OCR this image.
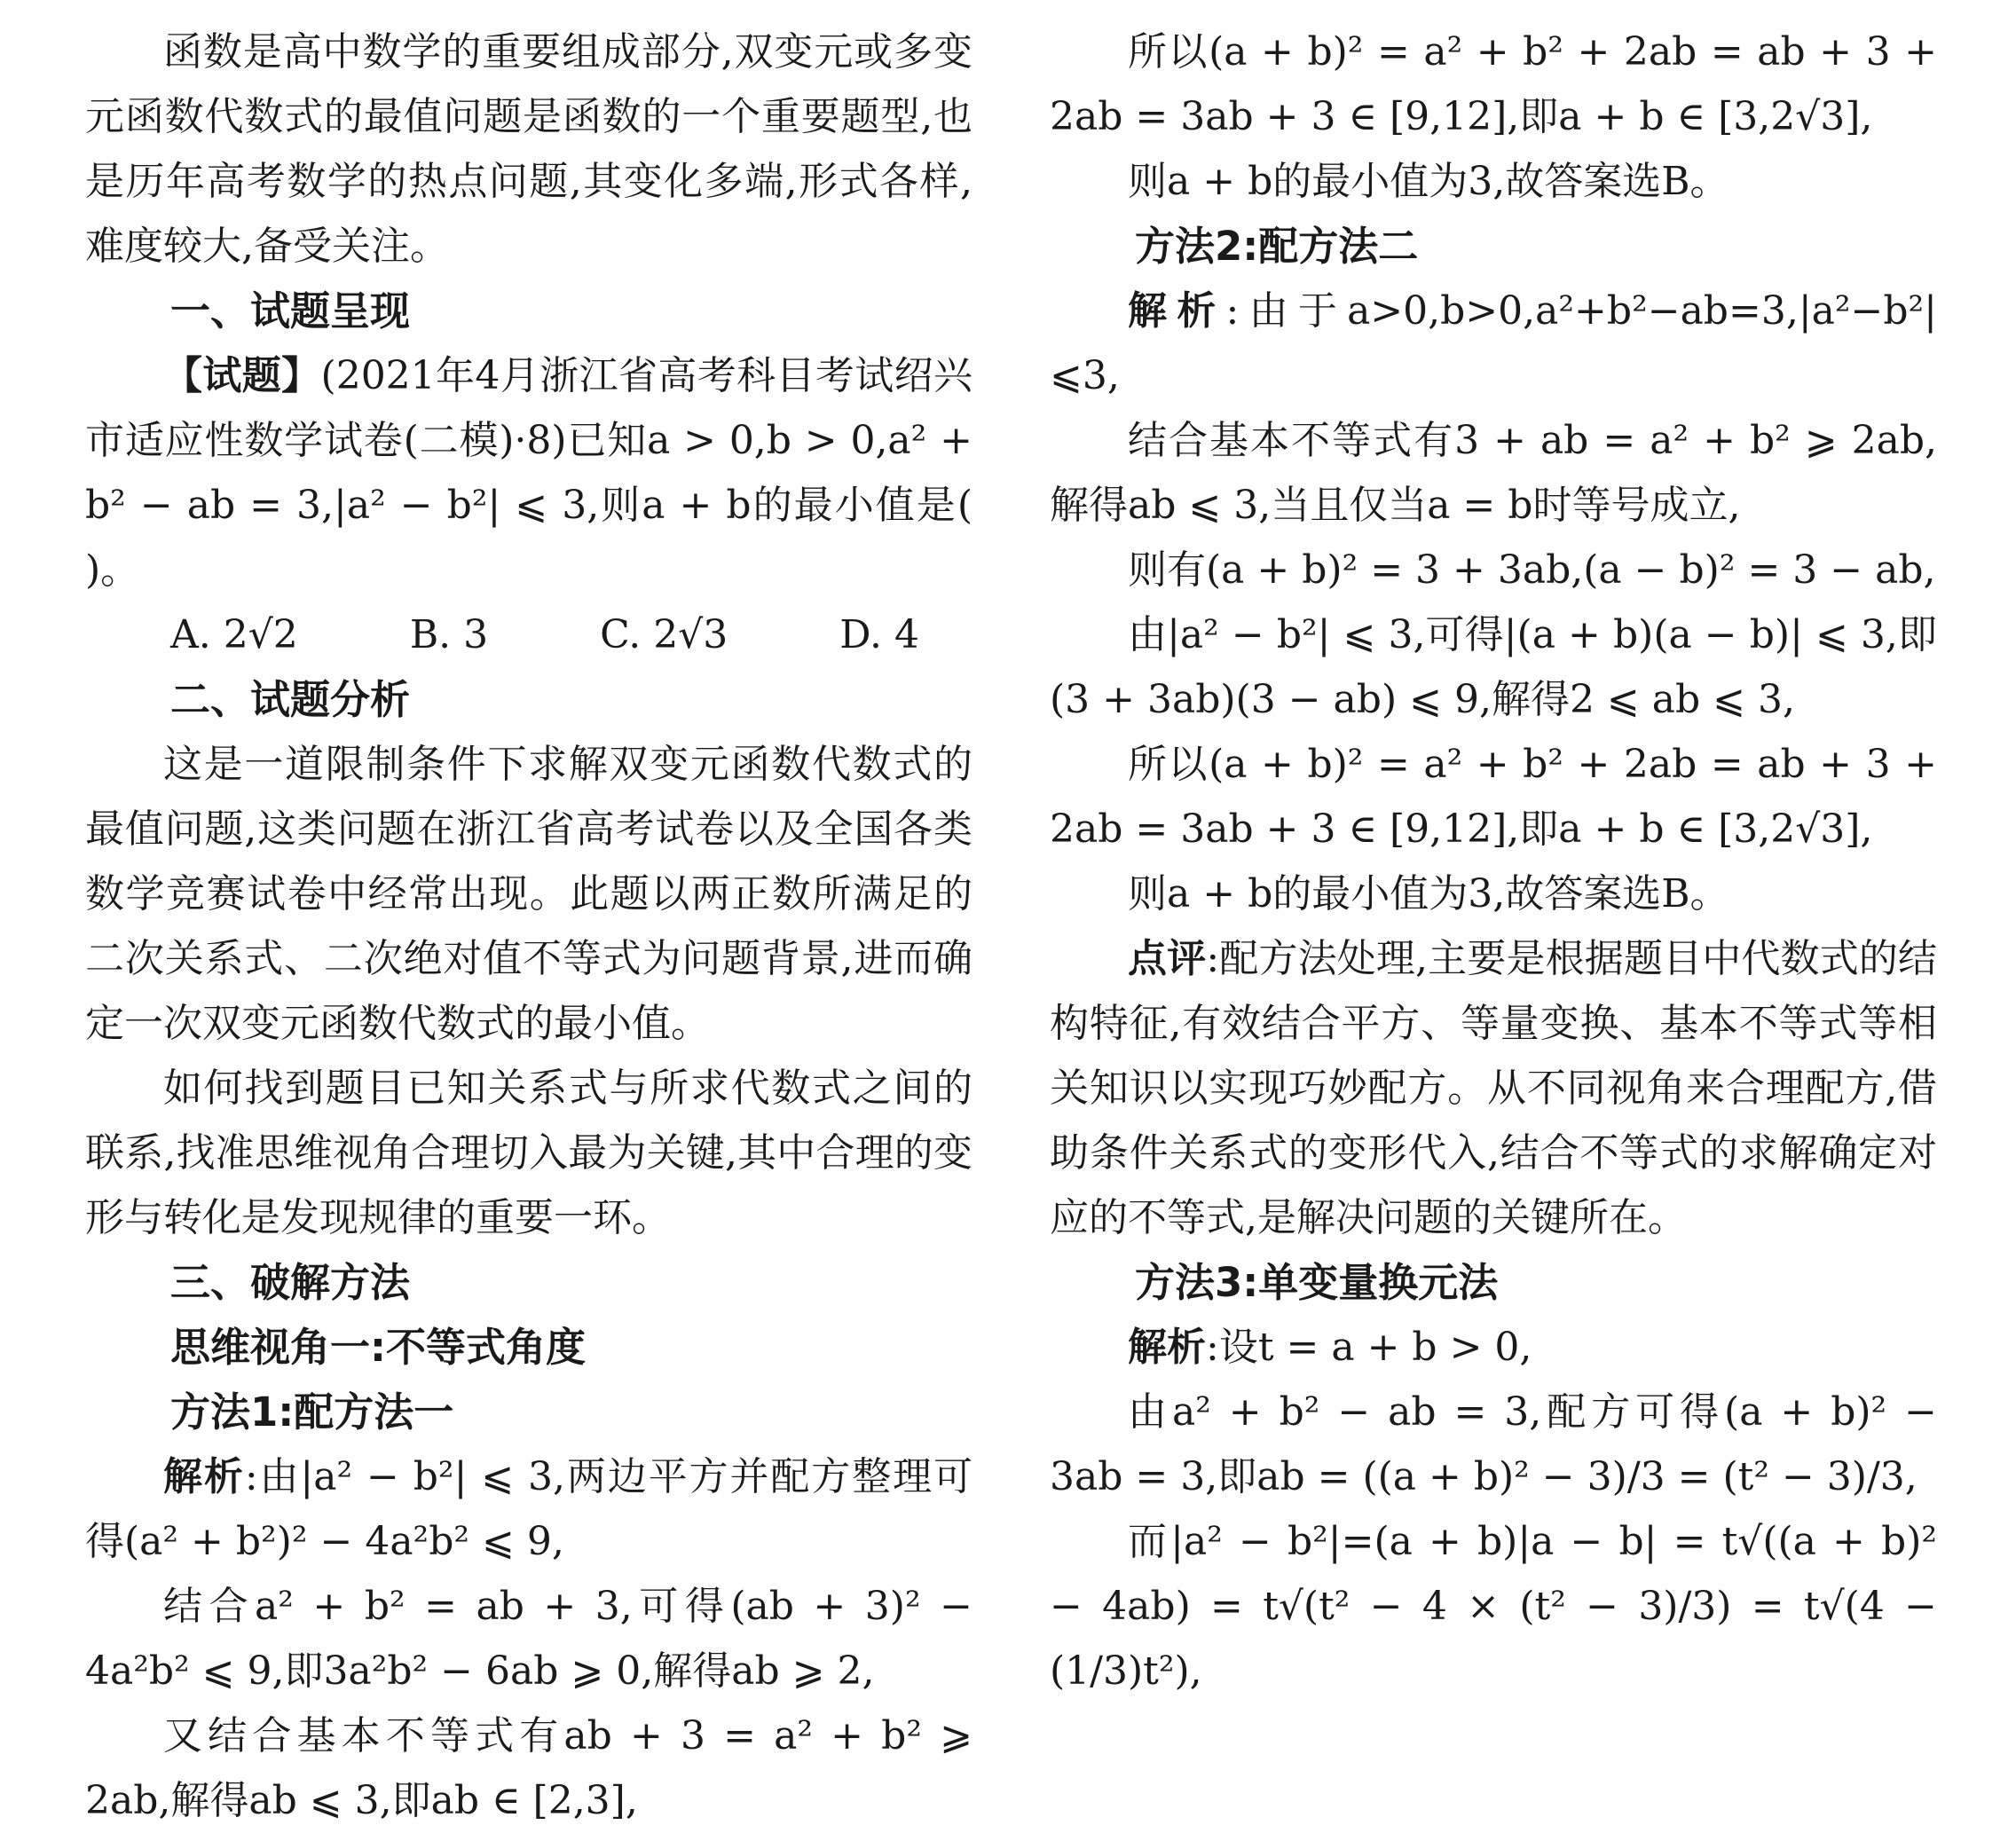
函数是高中数学的重要组成部分,双变元或多变元函数代数式的最值问题是函数的一个重要题型,也是历年高考数学的热点问题,其变化多端,形式各样,难度较大,备受关注。

一、试题呈现

【试题】(2021年4月浙江省高考科目考试绍兴市适应性数学试卷(二模)·8)已知a > 0,b > 0,a² + b² − ab = 3,|a² − b²| ⩽ 3,则a + b的最小值是( )。

A. 2√2	B. 3	C. 2√3	D. 4

二、试题分析

这是一道限制条件下求解双变元函数代数式的最值问题,这类问题在浙江省高考试卷以及全国各类数学竞赛试卷中经常出现。此题以两正数所满足的二次关系式、二次绝对值不等式为问题背景,进而确定一次双变元函数代数式的最小值。

如何找到题目已知关系式与所求代数式之间的联系,找准思维视角合理切入最为关键,其中合理的变形与转化是发现规律的重要一环。

三、破解方法

思维视角一:不等式角度

方法1:配方法一

解析:由|a² − b²| ⩽ 3,两边平方并配方整理可得(a² + b²)² − 4a²b² ⩽ 9,

结合a² + b² = ab + 3,可得(ab + 3)² − 4a²b² ⩽ 9,即3a²b² − 6ab ⩾ 0,解得ab ⩾ 2,

又结合基本不等式有ab + 3 = a² + b² ⩾ 2ab,解得ab ⩽ 3,即ab ∈ [2,3],

所以(a + b)² = a² + b² + 2ab = ab + 3 + 2ab = 3ab + 3 ∈ [9,12],即a + b ∈ [3,2√3],

则a + b的最小值为3,故答案选B。

方法2:配方法二

解析:由于a>0,b>0,a²+b²−ab=3,|a²−b²|⩽3,

结合基本不等式有3 + ab = a² + b² ⩾ 2ab,解得ab ⩽ 3,当且仅当a = b时等号成立,

则有(a + b)² = 3 + 3ab,(a − b)² = 3 − ab,

由|a² − b²| ⩽ 3,可得|(a + b)(a − b)| ⩽ 3,即(3 + 3ab)(3 − ab) ⩽ 9,解得2 ⩽ ab ⩽ 3,

所以(a + b)² = a² + b² + 2ab = ab + 3 + 2ab = 3ab + 3 ∈ [9,12],即a + b ∈ [3,2√3],

则a + b的最小值为3,故答案选B。

点评:配方法处理,主要是根据题目中代数式的结构特征,有效结合平方、等量变换、基本不等式等相关知识以实现巧妙配方。从不同视角来合理配方,借助条件关系式的变形代入,结合不等式的求解确定对应的不等式,是解决问题的关键所在。

方法3:单变量换元法

解析:设t = a + b > 0,

由a² + b² − ab = 3,配方可得(a + b)² − 3ab = 3,即ab = ((a + b)² − 3)/3 = (t² − 3)/3,

而|a² − b²|=(a + b)|a − b| = t√((a + b)² − 4ab) = t√(t² − 4 × (t² − 3)/3) = t√(4 − (1/3)t²),
